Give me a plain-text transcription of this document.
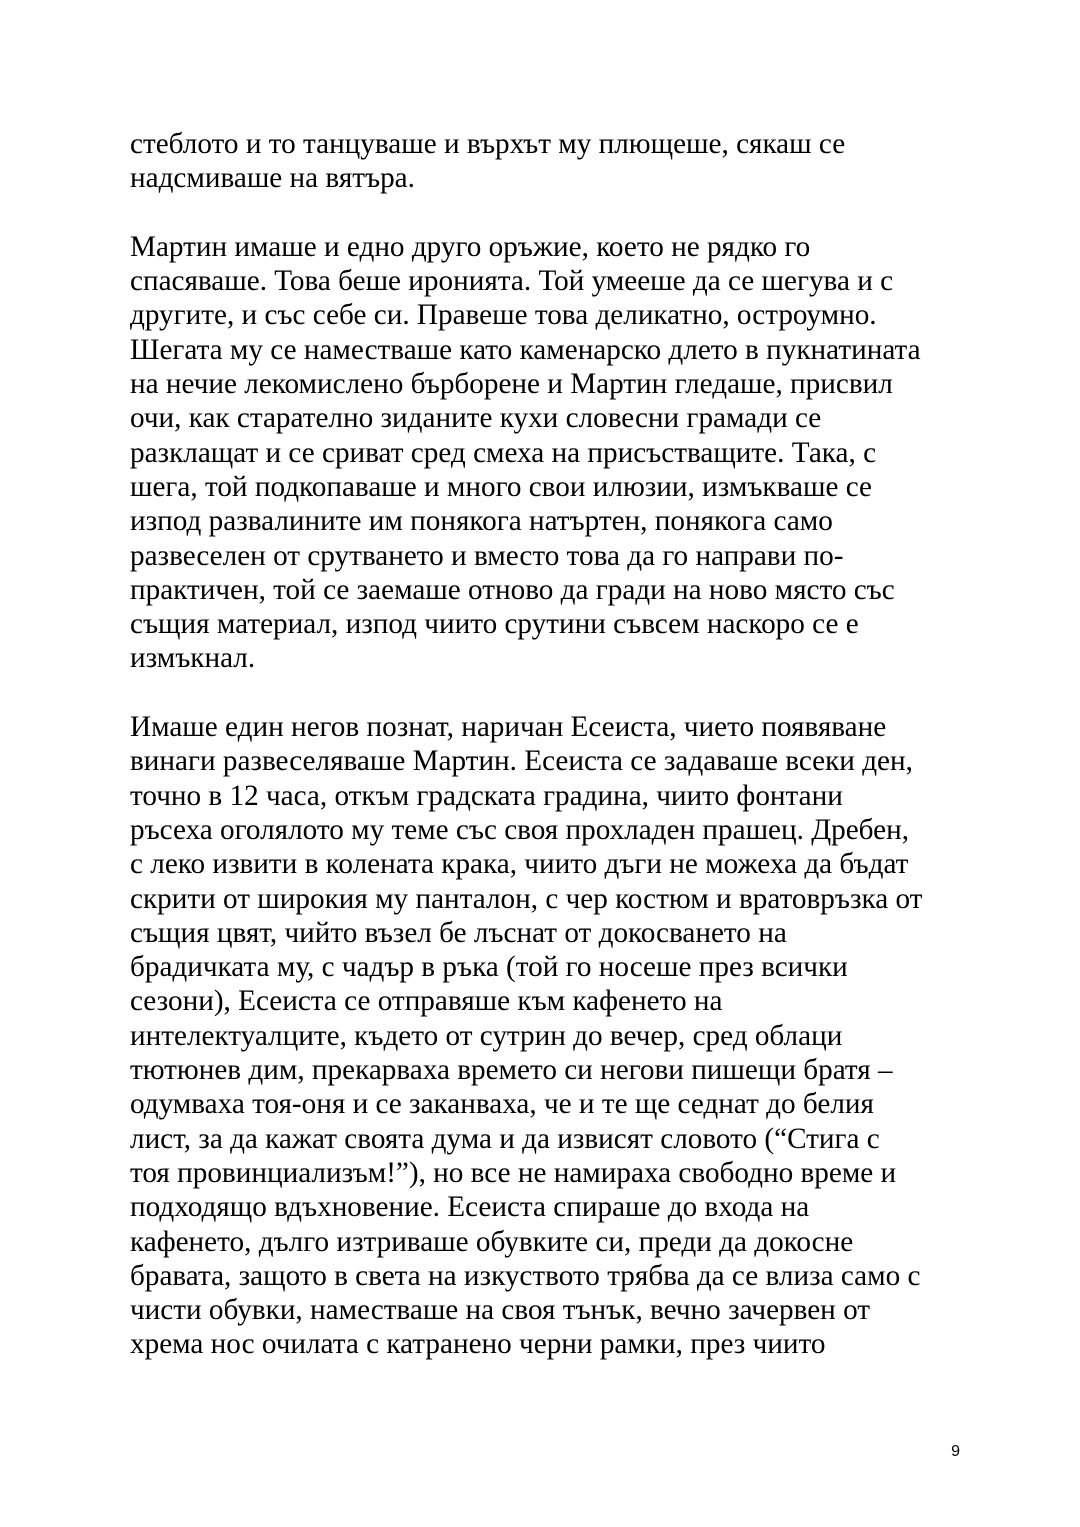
стеблото и то танцуваше и върхът му плющеше, сякаш се
надсмиваше на вятъра.
Мартин имаше и едно друго оръжие, което не рядко го
спасяваше. Това беше иронията. Той умееше да се шегува и с
другите, и със себе си. Правеше това деликатно, остроумно.
Шегата му се наместваше като каменарско длето в пукнатината
на нечие лекомислено бърборене и Мартин гледаше, присвил
очи, как старателно зиданите кухи словесни грамади се
разклащат и се сриват сред смеха на присъстващите. Така, с
шега, той подкопаваше и много свои илюзии, измъкваше се
изпод развалините им понякога натъртен, понякога само
развеселен от срутването и вместо това да го направи по-
практичен, той се заемаше отново да гради на ново място със
същия материал, изпод чиито срутини съвсем наскоро се е
измъкнал.
Имаше един негов познат, наричан Есеиста, чието появяване
винаги развеселяваше Мартин. Есеиста се задаваше всеки ден,
точно в 12 часа, откъм градската градина, чиито фонтани
ръсеха оголялото му теме със своя прохладен прашец. Дребен,
с леко извити в колената крака, чиито дъги не можеха да бъдат
скрити от широкия му панталон, с чер костюм и вратовръзка от
същия цвят, чийто възел бе лъснат от докосването на
брадичката му, с чадър в ръка (той го носеше през всички
сезони), Есеиста се отправяше към кафенето на
интелектуалците, където от сутрин до вечер, сред облаци
тютюнев дим, прекарваха времето си негови пишещи братя –
одумваха тоя-оня и се заканваха, че и те ще седнат до белия
лист, за да кажат своята дума и да извисят словото (“Стига с
тоя провинциализъм!”), но все не намираха свободно време и
подходящо вдъхновение. Есеиста спираше до входа на
кафенето, дълго изтриваше обувките си, преди да докосне
бравата, защото в света на изкуството трябва да се влиза само с
чисти обувки, наместваше на своя тънък, вечно зачервен от
хрема нос очилата с катранено черни рамки, през чиито
9
